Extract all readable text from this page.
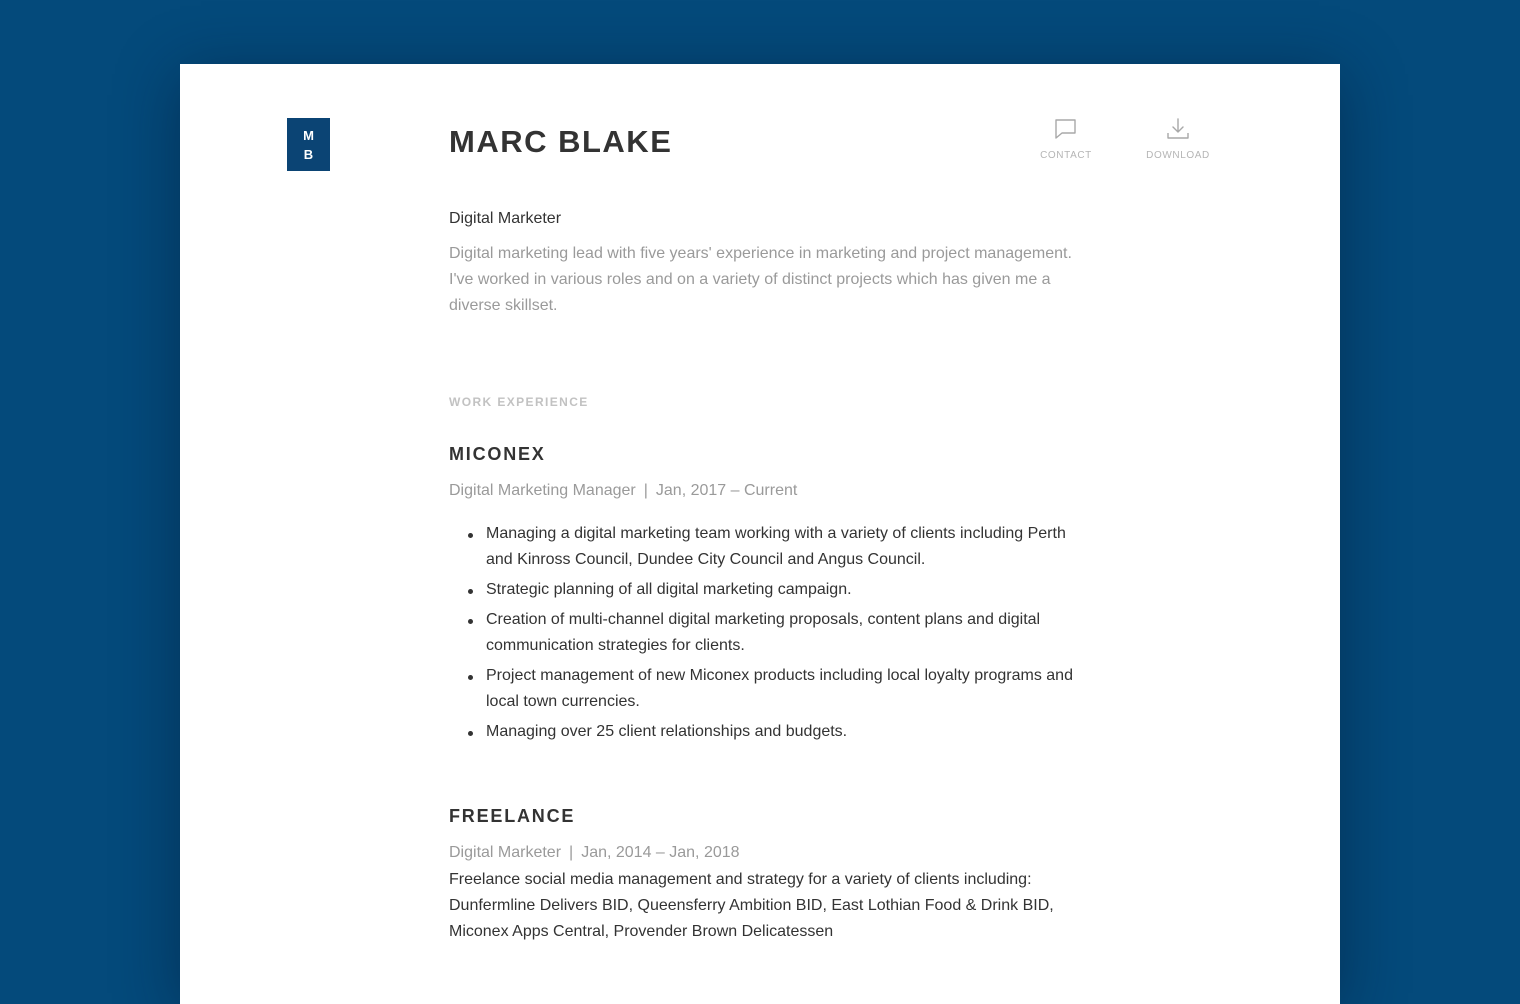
M
B	MARC BLAKE	CONTACT	DOWNLOAD
Digital Marketer

Digital marketing lead with five years' experience in marketing and project management. I've worked in various roles and on a variety of distinct projects which has given me a diverse skillset.

WORK EXPERIENCE
MICONEX
Digital Marketing Manager | Jan, 2017 – Current
Managing a digital marketing team working with a variety of clients including Perth and Kinross Council, Dundee City Council and Angus Council.
Strategic planning of all digital marketing campaign.
Creation of multi-channel digital marketing proposals, content plans and digital communication strategies for clients.
Project management of new Miconex products including local loyalty programs and local town currencies.
Managing over 25 client relationships and budgets.
FREELANCE
Digital Marketer | Jan, 2014 – Jan, 2018

Freelance social media management and strategy for a variety of clients including: Dunfermline Delivers BID, Queensferry Ambition BID, East Lothian Food & Drink BID, Miconex Apps Central, Provender Brown Delicatessen
